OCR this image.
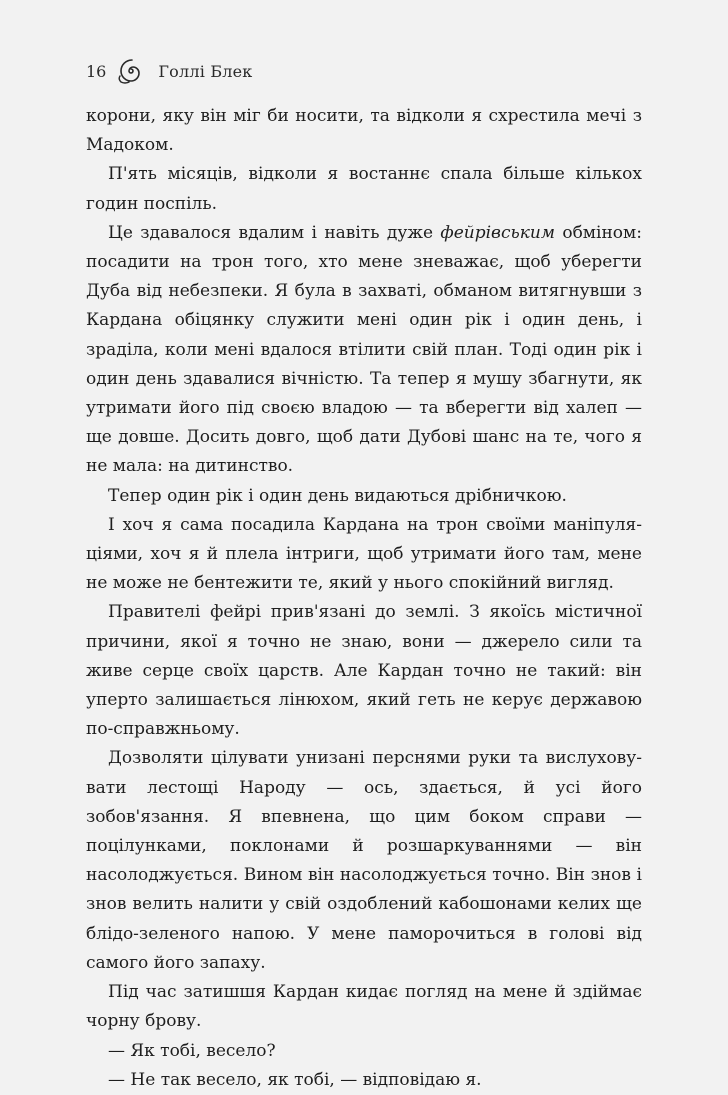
16	Голлі Блек

корони, яку він міг би носити, та відколи я схрестила мечі з Мадоком.

П'ять місяців, відколи я востаннє спала більше кількох годин поспіль.

Це здавалося вдалим і навіть дуже фейрівським обміном: посадити на трон того, хто мене зневажає, щоб уберегти Дуба від небезпеки. Я була в захваті, обманом витягнувши з Кардана обіцянку служити мені один рік і один день, і зраділа, коли мені вдалося втілити свій план. Тоді один рік і один день здавалися вічністю. Та тепер я мушу збагнути, як утримати його під своєю владою — та вберегти від халеп — ще довше. Досить довго, щоб дати Дубові шанс на те, чого я не мала: на дитинство.

Тепер один рік і один день видаються дрібничкою.

І хоч я сама посадила Кардана на трон своїми маніпуляціями, хоч я й плела інтриги, щоб утримати його там, мене не може не бентежити те, який у нього спокійний вигляд.

Правителі фейрі прив'язані до землі. З якоїсь містичної причини, якої я точно не знаю, вони — джерело сили та живе серце своїх царств. Але Кардан точно не такий: він уперто залишається лінюхом, який геть не керує державою по-справжньому.

Дозволяти цілувати унизані перснями руки та вислуховувати лестощі Народу — ось, здається, й усі його зобов'язання. Я впевнена, що цим боком справи — поцілунками, поклонами й розшаркуваннями — він насолоджується. Вином він насолоджується точно. Він знов і знов велить налити у свій оздоблений кабошонами келих ще блідо-зеленого напою. У мене паморочиться в голові від самого його запаху.

Під час затишшя Кардан кидає погляд на мене й здіймає чорну брову.

— Як тобі, весело?

— Не так весело, як тобі, — відповідаю я.
